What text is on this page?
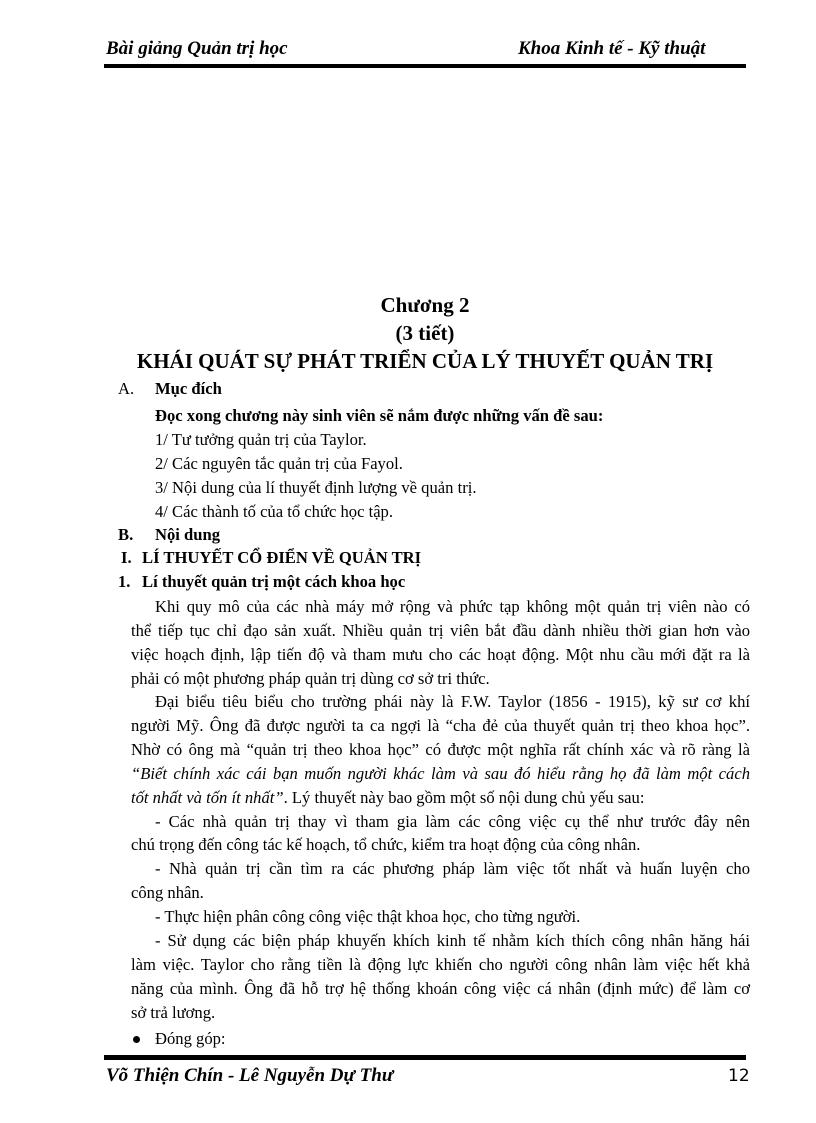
Bài giảng Quản trị học	Khoa Kinh tế - Kỹ thuật
Chương 2
(3 tiết)
KHÁI QUÁT SỰ PHÁT TRIỂN CỦA LÝ THUYẾT QUẢN TRỊ
A. Mục đích
Đọc xong chương này sinh viên sẽ nắm được những vấn đề sau:
1/ Tư tưởng quản trị của Taylor.
2/ Các nguyên tắc quản trị của Fayol.
3/ Nội dung của lí thuyết định lượng về quản trị.
4/ Các thành tố của tổ chức học tập.
B. Nội dung
I. LÍ THUYẾT CỔ ĐIỂN VỀ QUẢN TRỊ
1. Lí thuyết quản trị một cách khoa học
Khi quy mô của các nhà máy mở rộng và phức tạp không một quản trị viên nào có
thể tiếp tục chỉ đạo sản xuất. Nhiều quản trị viên bắt đầu dành nhiều thời gian hơn vào
việc hoạch định, lập tiến độ và tham mưu cho các hoạt động. Một nhu cầu mới đặt ra là
phải có một phương pháp quản trị dùng cơ sở tri thức.
Đại biểu tiêu biểu cho trường phái này là F.W. Taylor (1856 - 1915), kỹ sư cơ khí
người Mỹ. Ông đã được người ta ca ngợi là “cha đẻ của thuyết quản trị theo khoa học”.
Nhờ có ông mà “quản trị theo khoa học” có được một nghĩa rất chính xác và rõ ràng là
“Biết chính xác cái bạn muốn người khác làm và sau đó hiểu rằng họ đã làm một cách
tốt nhất và tốn ít nhất”. Lý thuyết này bao gồm một số nội dung chủ yếu sau:
- Các nhà quản trị thay vì tham gia làm các công việc cụ thể như trước đây nên
chú trọng đến công tác kế hoạch, tổ chức, kiểm tra hoạt động của công nhân.
- Nhà quản trị cần tìm ra các phương pháp làm việc tốt nhất và huấn luyện cho
công nhân.
- Thực hiện phân công công việc thật khoa học, cho từng người.
- Sử dụng các biện pháp khuyến khích kinh tế nhằm kích thích công nhân hăng hái
làm việc. Taylor cho rằng tiền là động lực khiến cho người công nhân làm việc hết khả
năng của mình. Ông đã hỗ trợ hệ thống khoán công việc cá nhân (định mức) để làm cơ
sở trả lương.
Đóng góp:
Võ Thiện Chín - Lê Nguyễn Dự Thư	12
